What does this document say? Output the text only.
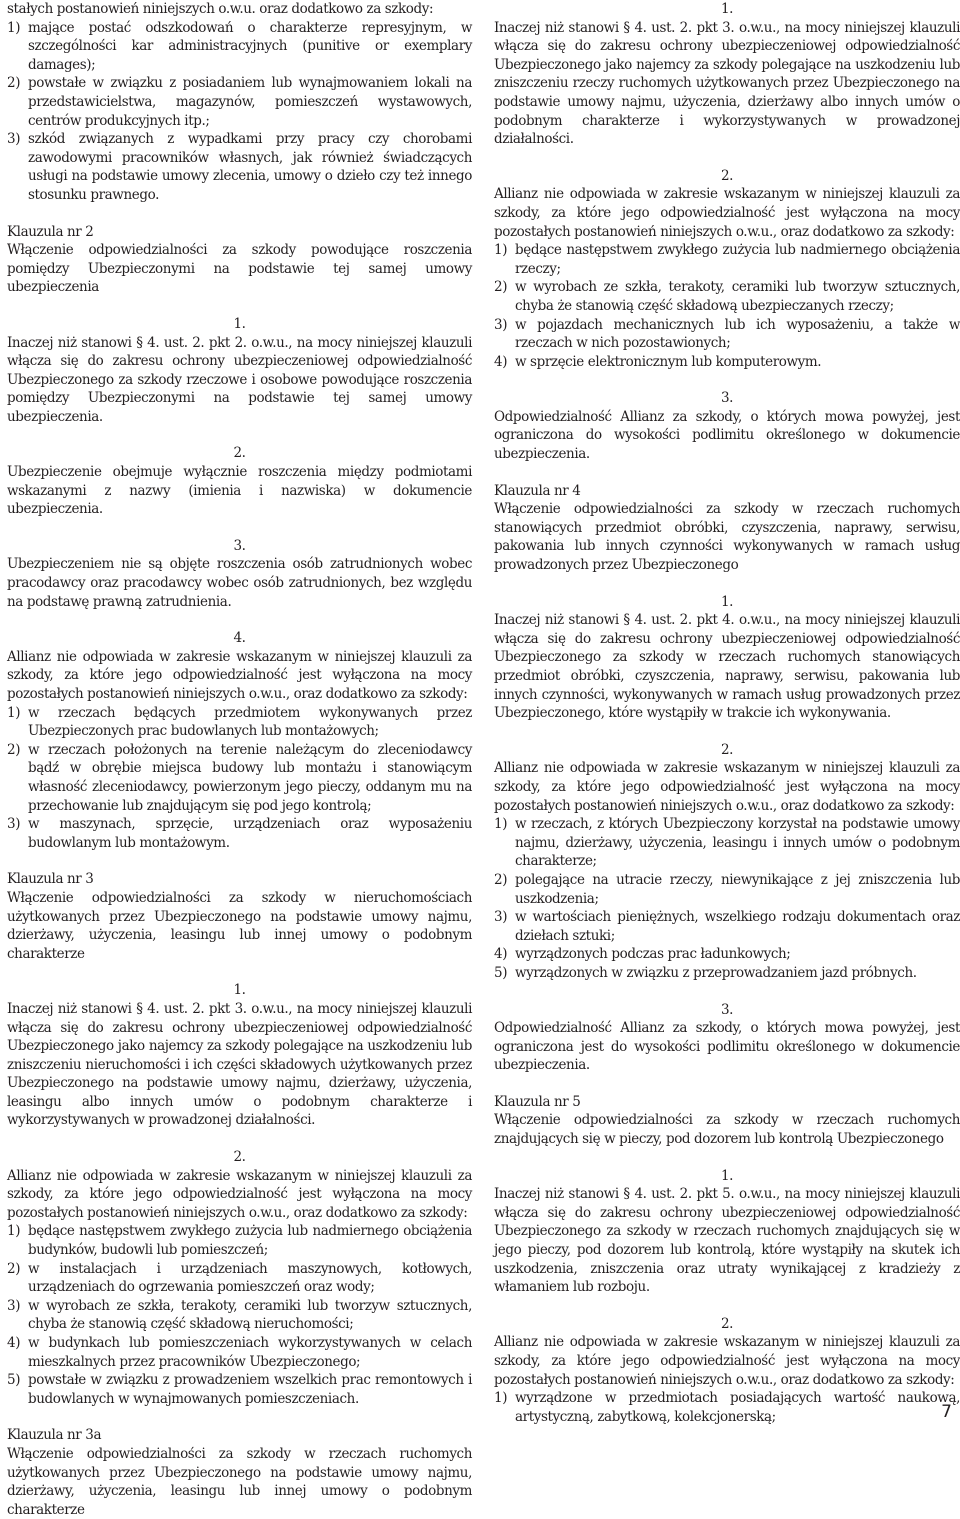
stałych postanowień niniejszych o.w.u. oraz dodatkowo za szkody:

1) mające postać odszkodowań o charakterze represyjnym, w szczególności kar administracyjnych (punitive or exemplary damages);
2) powstałe w związku z posiadaniem lub wynajmowaniem lokali na przedstawicielstwa, magazynów, pomieszczeń wystawowych, centrów produkcyjnych itp.;
3) szkód związanych z wypadkami przy pracy czy chorobami zawodowymi pracowników własnych, jak również świadczących usługi na podstawie umowy zlecenia, umowy o dzieło czy też innego stosunku prawnego.

Klauzula nr 2

Włączenie odpowiedzialności za szkody powodujące roszczenia pomiędzy Ubezpieczonymi na podstawie tej samej umowy ubezpieczenia

1.

Inaczej niż stanowi § 4. ust. 2. pkt 2. o.w.u., na mocy niniejszej klauzuli włącza się do zakresu ochrony ubezpieczeniowej odpowiedzialność Ubezpieczonego za szkody rzeczowe i osobowe powodujące roszczenia pomiędzy Ubezpieczonymi na podstawie tej samej umowy ubezpieczenia.

2.

Ubezpieczenie obejmuje wyłącznie roszczenia między podmiotami wskazanymi z nazwy (imienia i nazwiska) w dokumencie ubezpieczenia.

3.

Ubezpieczeniem nie są objęte roszczenia osób zatrudnionych wobec pracodawcy oraz pracodawcy wobec osób zatrudnionych, bez względu na podstawę prawną zatrudnienia.

4.

Allianz nie odpowiada w zakresie wskazanym w niniejszej klauzuli za szkody, za które jego odpowiedzialność jest wyłączona na mocy pozostałych postanowień niniejszych o.w.u., oraz dodatkowo za szkody:

1) w rzeczach będących przedmiotem wykonywanych przez Ubezpieczonych prac budowlanych lub montażowych;
2) w rzeczach położonych na terenie należącym do zleceniodawcy bądź w obrębie miejsca budowy lub montażu i stanowiącym własność zleceniodawcy, powierzonym jego pieczy, oddanym mu na przechowanie lub znajdującym się pod jego kontrolą;
3) w maszynach, sprzęcie, urządzeniach oraz wyposażeniu budowlanym lub montażowym.

Klauzula nr 3

Włączenie odpowiedzialności za szkody w nieruchomościach użytkowanych przez Ubezpieczonego na podstawie umowy najmu, dzierżawy, użyczenia, leasingu lub innej umowy o podobnym charakterze

1.

Inaczej niż stanowi § 4. ust. 2. pkt 3. o.w.u., na mocy niniejszej klauzuli włącza się do zakresu ochrony ubezpieczeniowej odpowiedzialność Ubezpieczonego jako najemcy za szkody polegające na uszkodzeniu lub zniszczeniu nieruchomości i ich części składowych użytkowanych przez Ubezpieczonego na podstawie umowy najmu, dzierżawy, użyczenia, leasingu albo innych umów o podobnym charakterze i wykorzystywanych w prowadzonej działalności.

2.

Allianz nie odpowiada w zakresie wskazanym w niniejszej klauzuli za szkody, za które jego odpowiedzialność jest wyłączona na mocy pozostałych postanowień niniejszych o.w.u., oraz dodatkowo za szkody:

1) będące następstwem zwykłego zużycia lub nadmiernego obciążenia budynków, budowli lub pomieszczeń;
2) w instalacjach i urządzeniach maszynowych, kotłowych, urządzeniach do ogrzewania pomieszczeń oraz wody;
3) w wyrobach ze szkła, terakoty, ceramiki lub tworzyw sztucznych, chyba że stanowią część składową nieruchomości;
4) w budynkach lub pomieszczeniach wykorzystywanych w celach mieszkalnych przez pracowników Ubezpieczonego;
5) powstałe w związku z prowadzeniem wszelkich prac remontowych i budowlanych w wynajmowanych pomieszczeniach.

Klauzula nr 3a

Włączenie odpowiedzialności za szkody w rzeczach ruchomych użytkowanych przez Ubezpieczonego na podstawie umowy najmu, dzierżawy, użyczenia, leasingu lub innej umowy o podobnym charakterze

1.

Inaczej niż stanowi § 4. ust. 2. pkt 3. o.w.u., na mocy niniejszej klauzuli włącza się do zakresu ochrony ubezpieczeniowej odpowiedzialność Ubezpieczonego jako najemcy za szkody polegające na uszkodzeniu lub zniszczeniu rzeczy ruchomych użytkowanych przez Ubezpieczonego na podstawie umowy najmu, użyczenia, dzierżawy albo innych umów o podobnym charakterze i wykorzystywanych w prowadzonej działalności.

2.

Allianz nie odpowiada w zakresie wskazanym w niniejszej klauzuli za szkody, za które jego odpowiedzialność jest wyłączona na mocy pozostałych postanowień niniejszych o.w.u., oraz dodatkowo za szkody:

1) będące następstwem zwykłego zużycia lub nadmiernego obciążenia rzeczy;
2) w wyrobach ze szkła, terakoty, ceramiki lub tworzyw sztucznych, chyba że stanowią część składową ubezpieczanych rzeczy;
3) w pojazdach mechanicznych lub ich wyposażeniu, a także w rzeczach w nich pozostawionych;
4) w sprzęcie elektronicznym lub komputerowym.

3.

Odpowiedzialność Allianz za szkody, o których mowa powyżej, jest ograniczona do wysokości podlimitu określonego w dokumencie ubezpieczenia.

Klauzula nr 4

Włączenie odpowiedzialności za szkody w rzeczach ruchomych stanowiących przedmiot obróbki, czyszczenia, naprawy, serwisu, pakowania lub innych czynności wykonywanych w ramach usług prowadzonych przez Ubezpieczonego

1.

Inaczej niż stanowi § 4. ust. 2. pkt 4. o.w.u., na mocy niniejszej klauzuli włącza się do zakresu ochrony ubezpieczeniowej odpowiedzialność Ubezpieczonego za szkody w rzeczach ruchomych stanowiących przedmiot obróbki, czyszczenia, naprawy, serwisu, pakowania lub innych czynności, wykonywanych w ramach usług prowadzonych przez Ubezpieczonego, które wystąpiły w trakcie ich wykonywania.

2.

Allianz nie odpowiada w zakresie wskazanym w niniejszej klauzuli za szkody, za które jego odpowiedzialność jest wyłączona na mocy pozostałych postanowień niniejszych o.w.u., oraz dodatkowo za szkody:

1) w rzeczach, z których Ubezpieczony korzystał na podstawie umowy najmu, dzierżawy, użyczenia, leasingu i innych umów o podobnym charakterze;
2) polegające na utracie rzeczy, niewynikające z jej zniszczenia lub uszkodzenia;
3) w wartościach pieniężnych, wszelkiego rodzaju dokumentach oraz dziełach sztuki;
4) wyrządzonych podczas prac ładunkowych;
5) wyrządzonych w związku z przeprowadzaniem jazd próbnych.

3.

Odpowiedzialność Allianz za szkody, o których mowa powyżej, jest ograniczona jest do wysokości podlimitu określonego w dokumencie ubezpieczenia.

Klauzula nr 5

Włączenie odpowiedzialności za szkody w rzeczach ruchomych znajdujących się w pieczy, pod dozorem lub kontrolą Ubezpieczonego

1.

Inaczej niż stanowi § 4. ust. 2. pkt 5. o.w.u., na mocy niniejszej klauzuli włącza się do zakresu ochrony ubezpieczeniowej odpowiedzialność Ubezpieczonego za szkody w rzeczach ruchomych znajdujących się w jego pieczy, pod dozorem lub kontrolą, które wystąpiły na skutek ich uszkodzenia, zniszczenia oraz utraty wynikającej z kradzieży z włamaniem lub rozboju.

2.

Allianz nie odpowiada w zakresie wskazanym w niniejszej klauzuli za szkody, za które jego odpowiedzialność jest wyłączona na mocy pozostałych postanowień niniejszych o.w.u., oraz dodatkowo za szkody:

1) wyrządzone w przedmiotach posiadających wartość naukową, artystyczną, zabytkową, kolekcjonerską;	7
